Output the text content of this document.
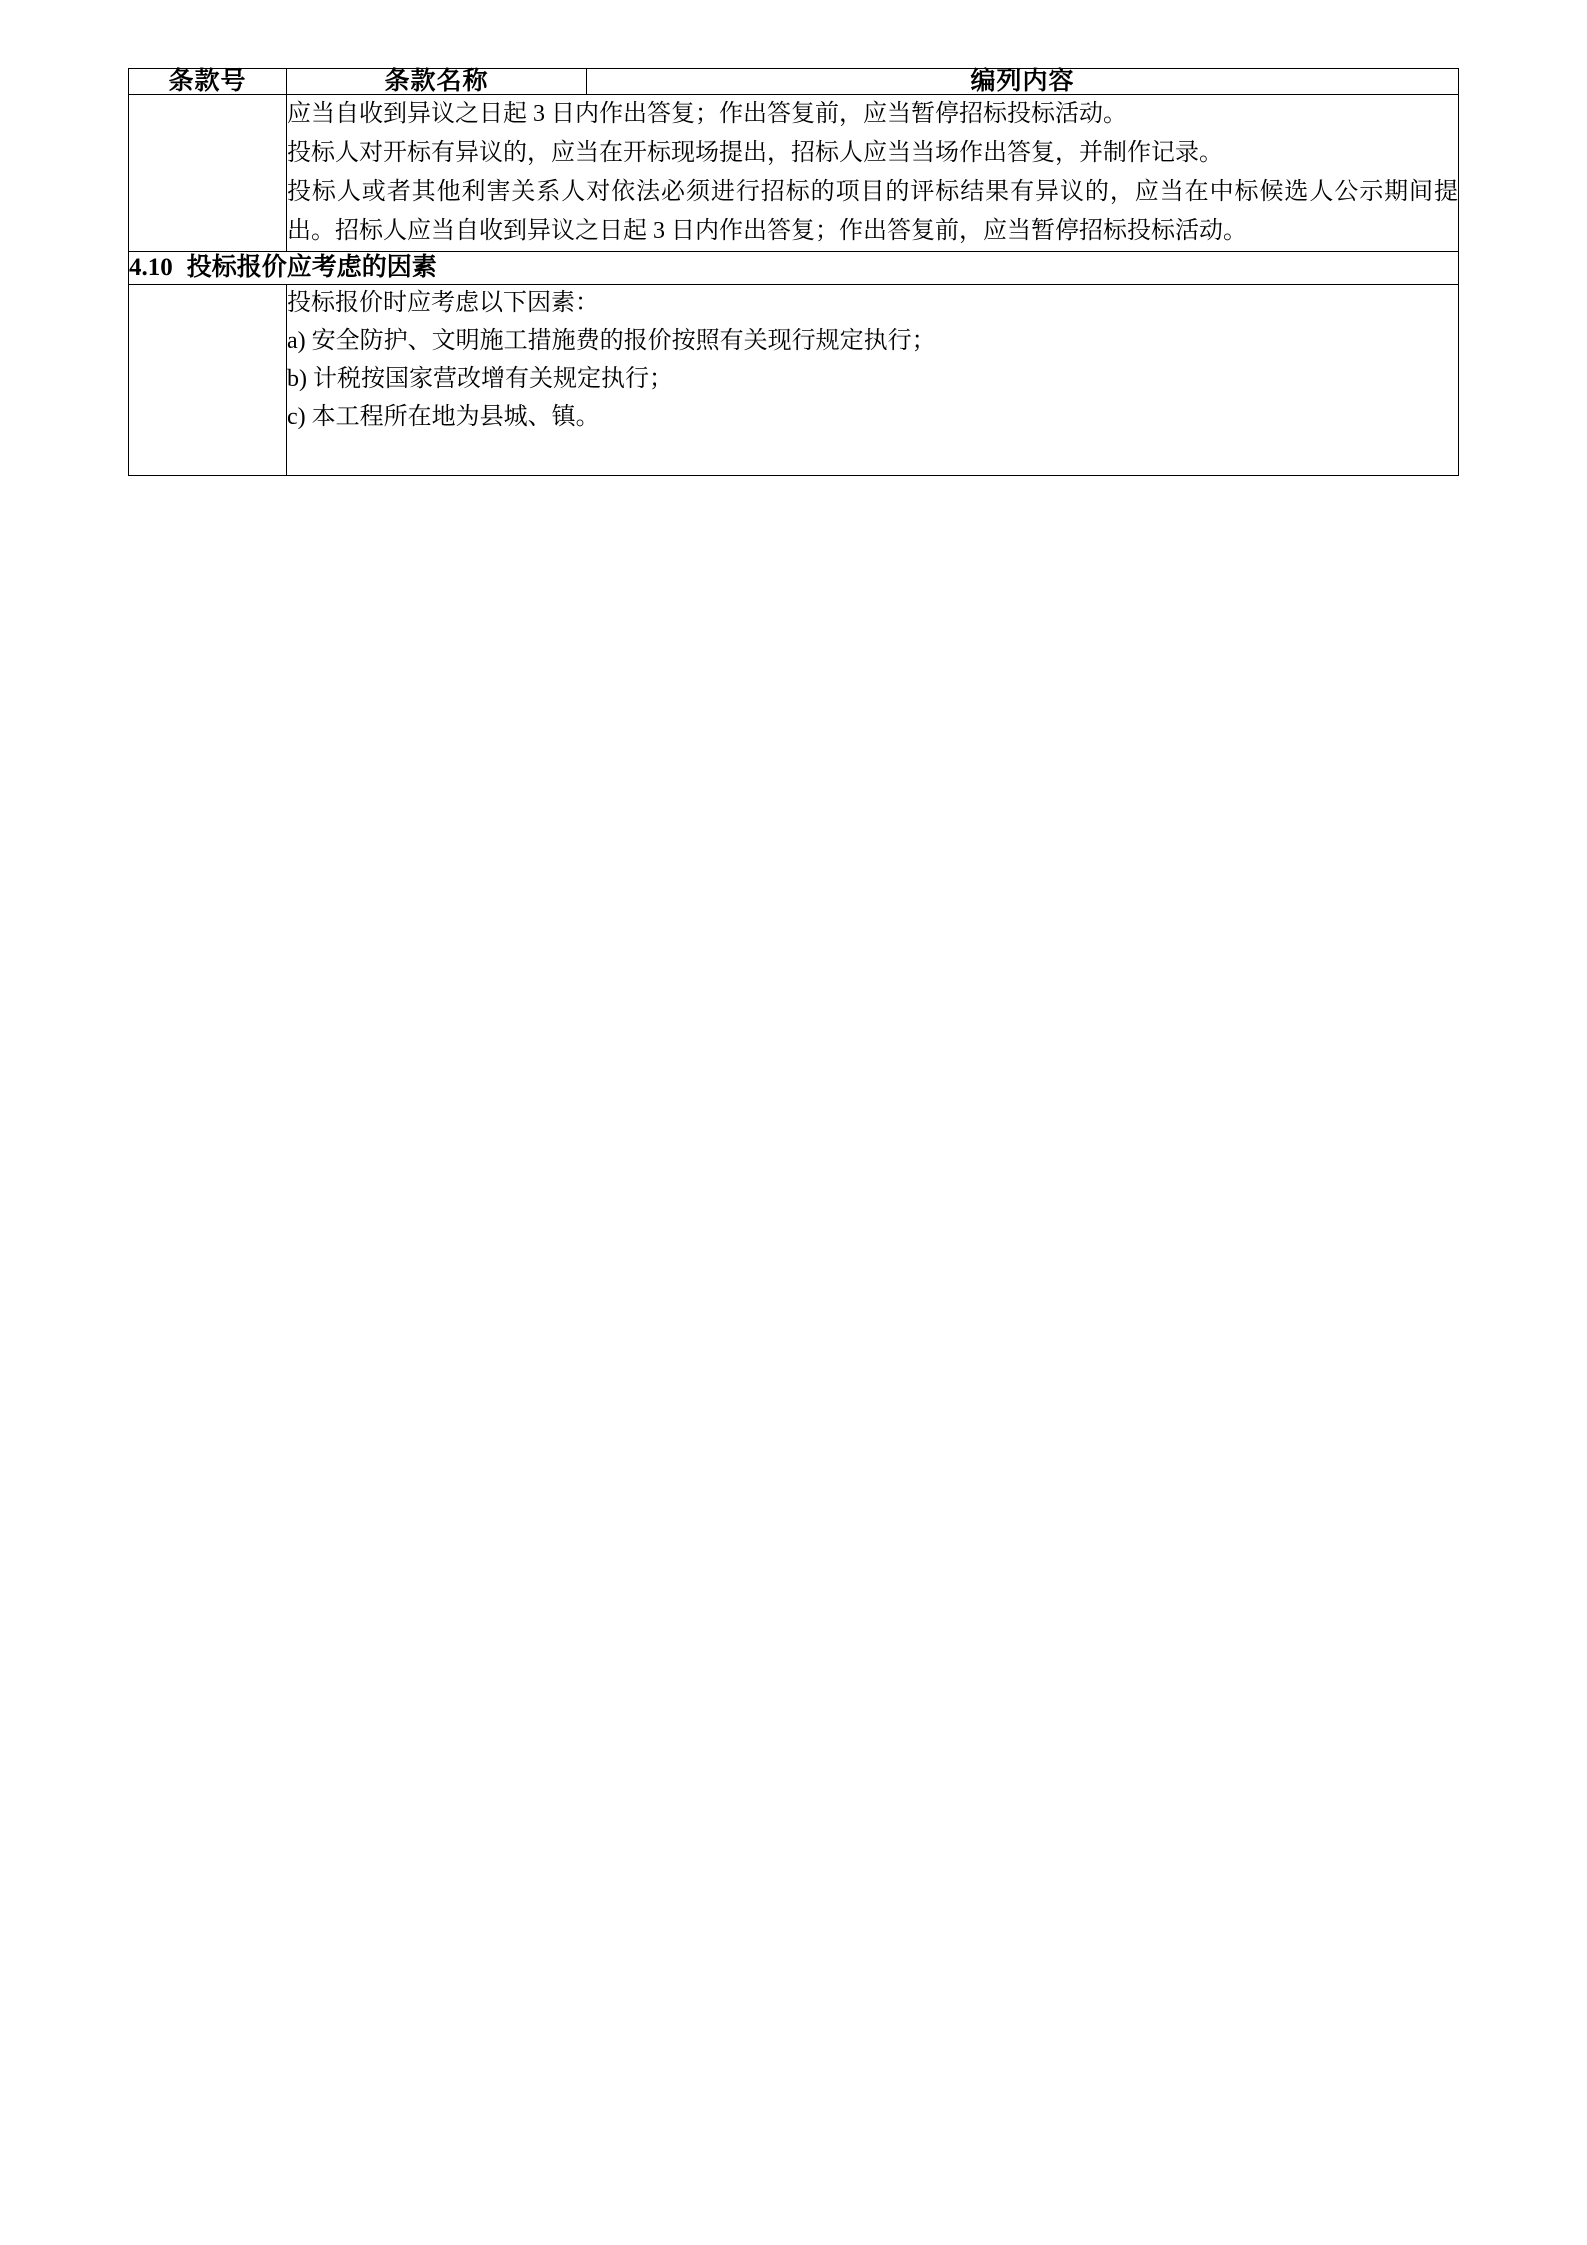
条款号	条款名称	编列内容

	应当自收到异议之日起 3 日内作出答复；作出答复前，应当暂停招标投标活动。

投标人对开标有异议的，应当在开标现场提出，招标人应当当场作出答复，并制作记录。

投标人或者其他利害关系人对依法必须进行招标的项目的评标结果有异议的，应当在中标候选人公示期间提出。招标人应当自收到异议之日起 3 日内作出答复；作出答复前，应当暂停招标投标活动。	

4.10 投标报价应考虑的因素		

	投标报价时应考虑以下因素：

a) 安全防护、文明施工措施费的报价按照有关现行规定执行；

b) 计税按国家营改增有关规定执行；

c) 本工程所在地为县城、镇。	
